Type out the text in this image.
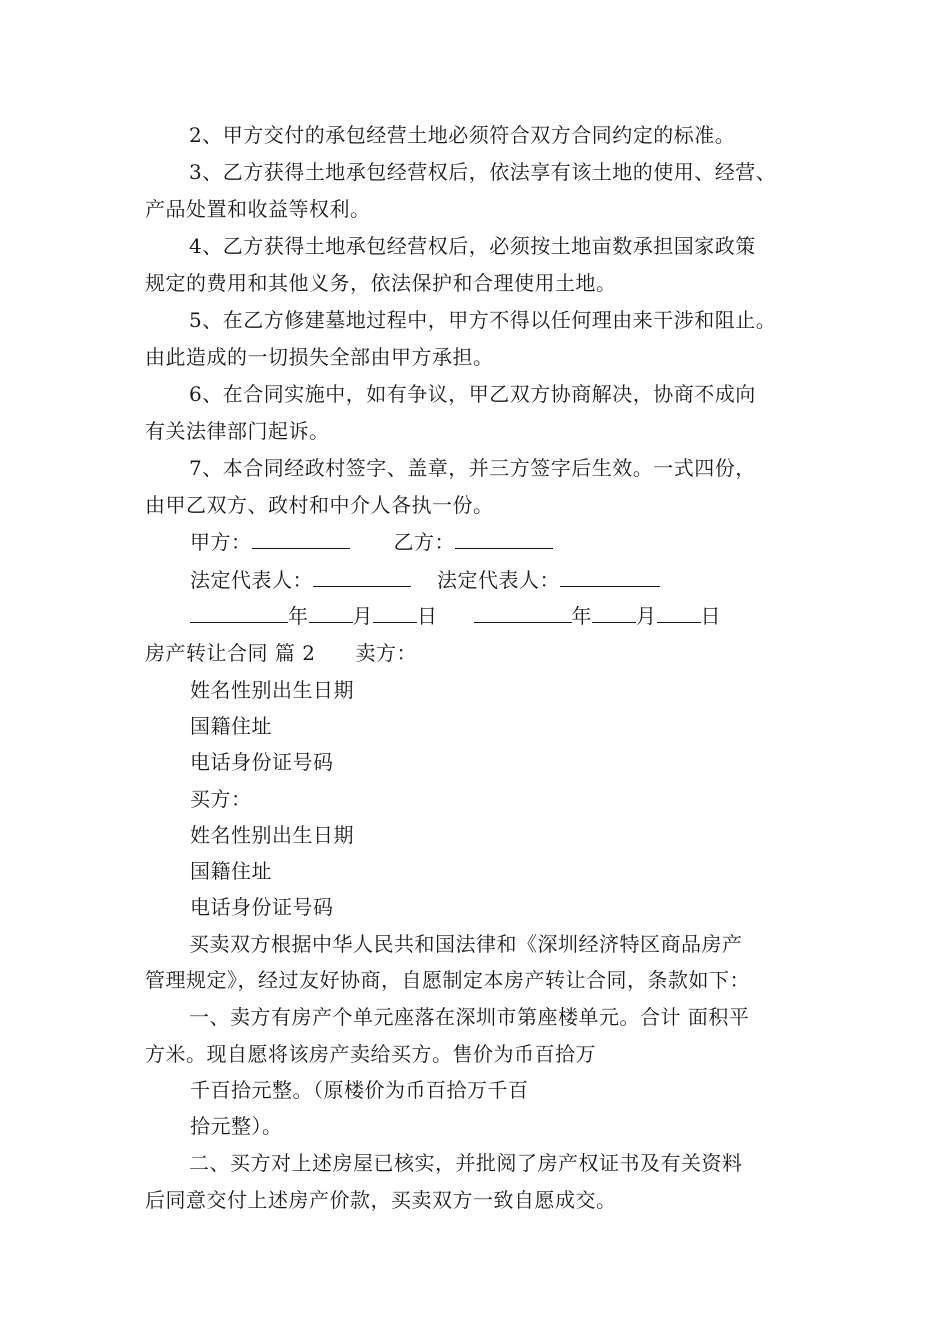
2、甲方交付的承包经营土地必须符合双方合同约定的标准。
3、乙方获得土地承包经营权后，依法享有该土地的使用、经营、
产品处置和收益等权利。
4、乙方获得土地承包经营权后，必须按土地亩数承担国家政策
规定的费用和其他义务，依法保护和合理使用土地。
5、在乙方修建墓地过程中，甲方不得以任何理由来干涉和阻止。
由此造成的一切损失全部由甲方承担。
6、在合同实施中，如有争议，甲乙双方协商解决，协商不成向
有关法律部门起诉。
7、本合同经政村签字、盖章，并三方签字后生效。一式四份，
由甲乙双方、政村和中介人各执一份。
甲方：	乙方：
法定代表人：	法定代表人：
年 月 日	年 月 日
房产转让合同 篇 2 卖方：
姓名性别出生日期
国籍住址
电话身份证号码
买方：
姓名性别出生日期
国籍住址
电话身份证号码
买卖双方根据中华人民共和国法律和《深圳经济特区商品房产
管理规定》，经过友好协商，自愿制定本房产转让合同，条款如下：
一、卖方有房产个单元座落在深圳市第座楼单元。合计 面积平
方米。现自愿将该房产卖给买方。售价为币百拾万
千百拾元整。（原楼价为币百拾万千百
拾元整）。
二、买方对上述房屋已核实，并批阅了房产权证书及有关资料
后同意交付上述房产价款，买卖双方一致自愿成交。
